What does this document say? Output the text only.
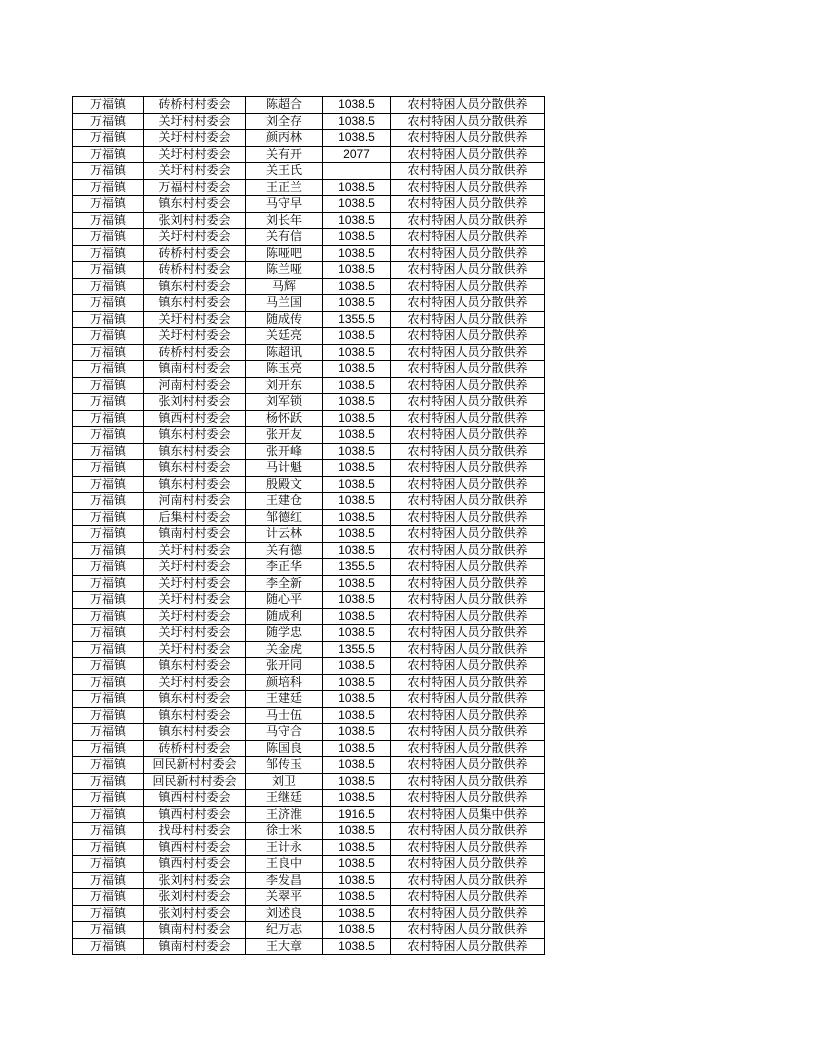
万福镇	砖桥村村委会	陈超合	1038.5	农村特困人员分散供养
万福镇	关圩村村委会	刘全存	1038.5	农村特困人员分散供养
万福镇	关圩村村委会	颜丙林	1038.5	农村特困人员分散供养
万福镇	关圩村村委会	关有开	2077	农村特困人员分散供养
万福镇	关圩村村委会	关王氏		农村特困人员分散供养
万福镇	万福村村委会	王正兰	1038.5	农村特困人员分散供养
万福镇	镇东村村委会	马守早	1038.5	农村特困人员分散供养
万福镇	张刘村村委会	刘长年	1038.5	农村特困人员分散供养
万福镇	关圩村村委会	关有信	1038.5	农村特困人员分散供养
万福镇	砖桥村村委会	陈哑吧	1038.5	农村特困人员分散供养
万福镇	砖桥村村委会	陈兰哑	1038.5	农村特困人员分散供养
万福镇	镇东村村委会	马辉	1038.5	农村特困人员分散供养
万福镇	镇东村村委会	马兰国	1038.5	农村特困人员分散供养
万福镇	关圩村村委会	随成传	1355.5	农村特困人员分散供养
万福镇	关圩村村委会	关廷亮	1038.5	农村特困人员分散供养
万福镇	砖桥村村委会	陈超讯	1038.5	农村特困人员分散供养
万福镇	镇南村村委会	陈玉亮	1038.5	农村特困人员分散供养
万福镇	河南村村委会	刘开东	1038.5	农村特困人员分散供养
万福镇	张刘村村委会	刘军锁	1038.5	农村特困人员分散供养
万福镇	镇西村村委会	杨怀跃	1038.5	农村特困人员分散供养
万福镇	镇东村村委会	张开友	1038.5	农村特困人员分散供养
万福镇	镇东村村委会	张开峰	1038.5	农村特困人员分散供养
万福镇	镇东村村委会	马计魁	1038.5	农村特困人员分散供养
万福镇	镇东村村委会	殷殿文	1038.5	农村特困人员分散供养
万福镇	河南村村委会	王建仓	1038.5	农村特困人员分散供养
万福镇	后集村村委会	邹德红	1038.5	农村特困人员分散供养
万福镇	镇南村村委会	计云林	1038.5	农村特困人员分散供养
万福镇	关圩村村委会	关有德	1038.5	农村特困人员分散供养
万福镇	关圩村村委会	李正华	1355.5	农村特困人员分散供养
万福镇	关圩村村委会	李全新	1038.5	农村特困人员分散供养
万福镇	关圩村村委会	随心平	1038.5	农村特困人员分散供养
万福镇	关圩村村委会	随成利	1038.5	农村特困人员分散供养
万福镇	关圩村村委会	随学忠	1038.5	农村特困人员分散供养
万福镇	关圩村村委会	关金虎	1355.5	农村特困人员分散供养
万福镇	镇东村村委会	张开同	1038.5	农村特困人员分散供养
万福镇	关圩村村委会	颜培科	1038.5	农村特困人员分散供养
万福镇	镇东村村委会	王建廷	1038.5	农村特困人员分散供养
万福镇	镇东村村委会	马士伍	1038.5	农村特困人员分散供养
万福镇	镇东村村委会	马守合	1038.5	农村特困人员分散供养
万福镇	砖桥村村委会	陈国良	1038.5	农村特困人员分散供养
万福镇	回民新村村委会	邹传玉	1038.5	农村特困人员分散供养
万福镇	回民新村村委会	刘卫	1038.5	农村特困人员分散供养
万福镇	镇西村村委会	王继廷	1038.5	农村特困人员分散供养
万福镇	镇西村村委会	王济淮	1916.5	农村特困人员集中供养
万福镇	找母村村委会	徐士米	1038.5	农村特困人员分散供养
万福镇	镇西村村委会	王计永	1038.5	农村特困人员分散供养
万福镇	镇西村村委会	王良中	1038.5	农村特困人员分散供养
万福镇	张刘村村委会	李发昌	1038.5	农村特困人员分散供养
万福镇	张刘村村委会	关翠平	1038.5	农村特困人员分散供养
万福镇	张刘村村委会	刘述良	1038.5	农村特困人员分散供养
万福镇	镇南村村委会	纪万志	1038.5	农村特困人员分散供养
万福镇	镇南村村委会	王大章	1038.5	农村特困人员分散供养
